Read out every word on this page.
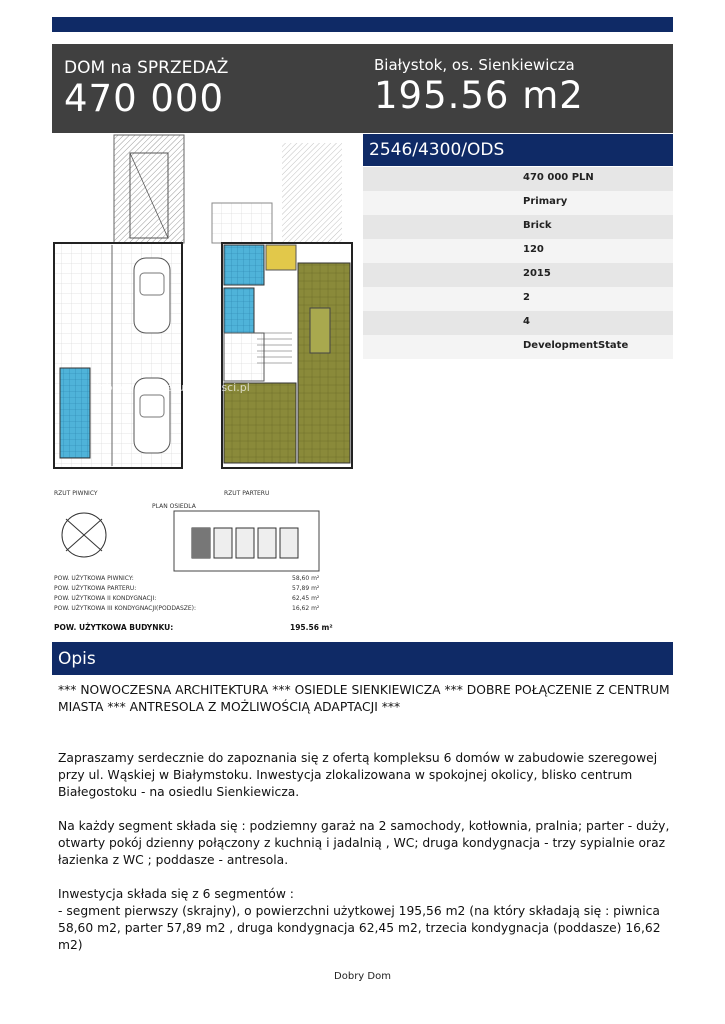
DOM na SPRZEDAŻ
470 000
Białystok, os. Sienkiewicza
195.56 m2
dobry-dom-nieruchomosci.pl
RZUT PIWNICY	RZUT PARTERU
PLAN OSIEDLA
POW. UŻYTKOWA PIWNICY:	58,60 m²
POW. UŻYTKOWA PARTERU:	57,89 m²
POW. UŻYTKOWA II KONDYGNACJI:	62,45 m²
POW. UŻYTKOWA III KONDYGNACJI(PODDASZE):	16,62 m²
POW. UŻYTKOWA BUDYNKU:	195.56 m²
2546/4300/ODS
470 000 PLN
Primary
Brick
120
2015
2
4
DevelopmentState
Opis

*** NOWOCZESNA ARCHITEKTURA *** OSIEDLE SIENKIEWICZA *** DOBRE POŁĄCZENIE Z CENTRUM MIASTA *** ANTRESOLA Z MOŻLIWOŚCIĄ ADAPTACJI ***

Zapraszamy serdecznie do zapoznania się z ofertą kompleksu 6 domów w zabudowie szeregowej przy ul. Wąskiej w Białymstoku. Inwestycja zlokalizowana w spokojnej okolicy, blisko centrum Białegostoku - na osiedlu Sienkiewicza.

Na każdy segment składa się : podziemny garaż na 2 samochody, kotłownia, pralnia; parter - duży, otwarty pokój dzienny połączony z kuchnią i jadalnią , WC; druga kondygnacja - trzy sypialnie oraz łazienka z WC ; poddasze - antresola.

Inwestycja składa się z 6 segmentów :

- segment pierwszy (skrajny), o powierzchni użytkowej 195,56 m2 (na który składają się : piwnica 58,60 m2, parter 57,89 m2 , druga kondygnacja 62,45 m2, trzecia kondygnacja (poddasze) 16,62 m2)

Dobry Dom
